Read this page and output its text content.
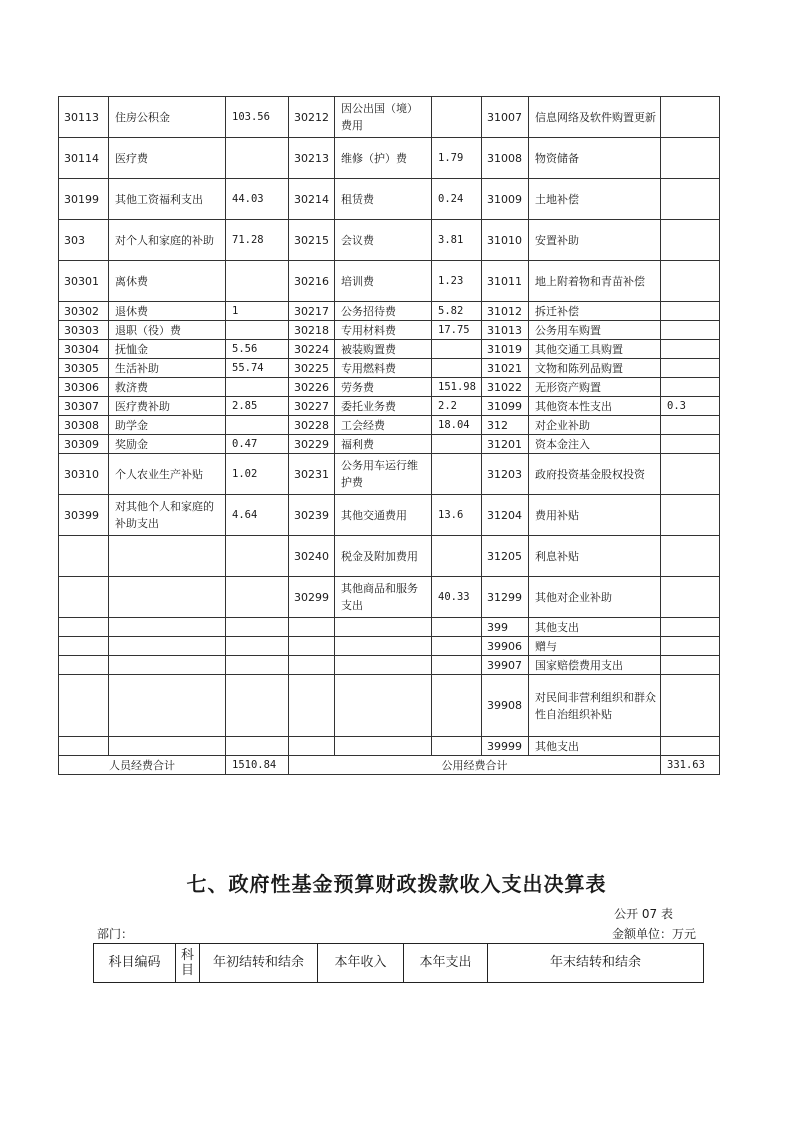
30113	住房公积金	103.56	30212	因公出国（境）费用		31007	信息网络及软件购置更新	
30114	医疗费		30213	维修（护）费	1.79	31008	物资储备	
30199	其他工资福利支出	44.03	30214	租赁费	0.24	31009	土地补偿	
303	对个人和家庭的补助	71.28	30215	会议费	3.81	31010	安置补助	
30301	离休费		30216	培训费	1.23	31011	地上附着物和青苗补偿	
30302	退休费	1	30217	公务招待费	5.82	31012	拆迁补偿	
30303	退职（役）费		30218	专用材料费	17.75	31013	公务用车购置	
30304	抚恤金	5.56	30224	被装购置费		31019	其他交通工具购置	
30305	生活补助	55.74	30225	专用燃料费		31021	文物和陈列品购置	
30306	救济费		30226	劳务费	151.98	31022	无形资产购置	
30307	医疗费补助	2.85	30227	委托业务费	2.2	31099	其他资本性支出	0.3
30308	助学金		30228	工会经费	18.04	312	对企业补助	
30309	奖励金	0.47	30229	福利费		31201	资本金注入	
30310	个人农业生产补贴	1.02	30231	公务用车运行维护费		31203	政府投资基金股权投资	
30399	对其他个人和家庭的补助支出	4.64	30239	其他交通费用	13.6	31204	费用补贴	
			30240	税金及附加费用		31205	利息补贴	
			30299	其他商品和服务支出	40.33	31299	其他对企业补助	
						399	其他支出	
						39906	赠与	
						39907	国家赔偿费用支出	
						39908	对民间非营利组织和群众性自治组织补贴	
						39999	其他支出	
人员经费合计		1510.84	公用经费合计					331.63
七、政府性基金预算财政拨款收入支出决算表
公开 07 表
部门：	金额单位：万元
科目编码	科目	年初结转和结余	本年收入	本年支出	年末结转和结余
